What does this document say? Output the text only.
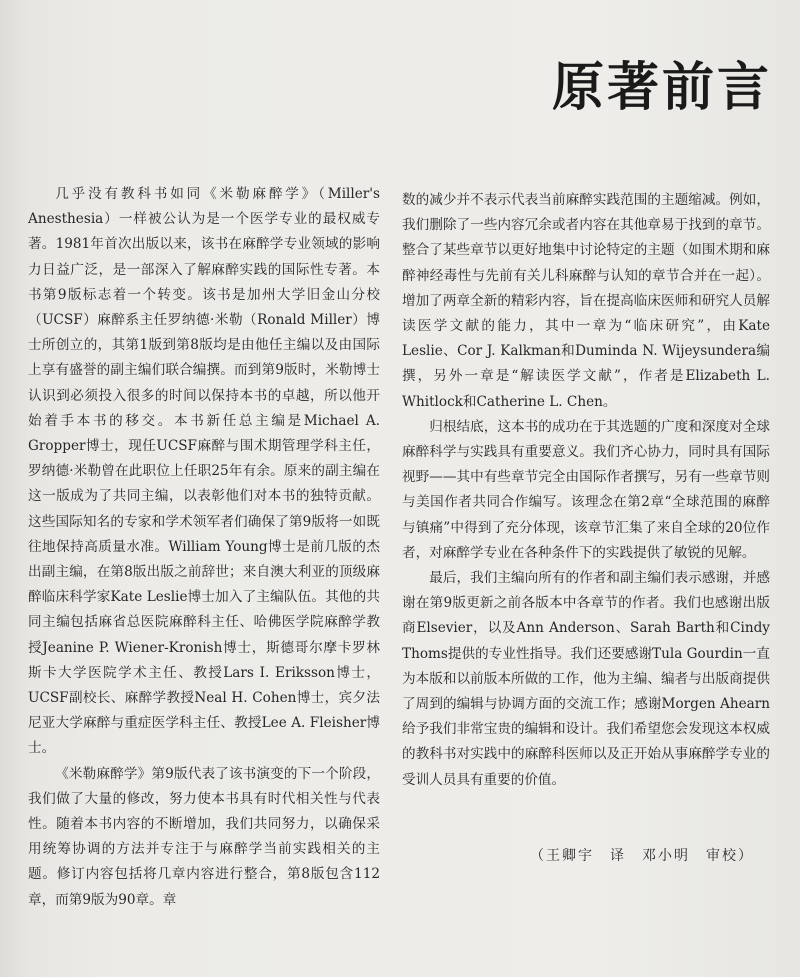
原著前言

几乎没有教科书如同《米勒麻醉学》（Miller's Anesthesia）一样被公认为是一个医学专业的最权威专著。1981年首次出版以来，该书在麻醉学专业领域的影响力日益广泛，是一部深入了解麻醉实践的国际性专著。本书第9版标志着一个转变。该书是加州大学旧金山分校（UCSF）麻醉系主任罗纳德·米勒（Ronald Miller）博士所创立的，其第1版到第8版均是由他任主编以及由国际上享有盛誉的副主编们联合编撰。而到第9版时，米勒博士认识到必须投入很多的时间以保持本书的卓越，所以他开始着手本书的移交。本书新任总主编是Michael A. Gropper博士，现任UCSF麻醉与围术期管理学科主任，罗纳德·米勒曾在此职位上任职25年有余。原来的副主编在这一版成为了共同主编，以表彰他们对本书的独特贡献。这些国际知名的专家和学术领军者们确保了第9版将一如既往地保持高质量水准。William Young博士是前几版的杰出副主编，在第8版出版之前辞世；来自澳大利亚的顶级麻醉临床科学家Kate Leslie博士加入了主编队伍。其他的共同主编包括麻省总医院麻醉科主任、哈佛医学院麻醉学教授Jeanine P. Wiener-Kronish博士，斯德哥尔摩卡罗林斯卡大学医院学术主任、教授Lars I. Eriksson博士，UCSF副校长、麻醉学教授Neal H. Cohen博士，宾夕法尼亚大学麻醉与重症医学科主任、教授Lee A. Fleisher博士。

《米勒麻醉学》第9版代表了该书演变的下一个阶段，我们做了大量的修改，努力使本书具有时代相关性与代表性。随着本书内容的不断增加，我们共同努力，以确保采用统筹协调的方法并专注于与麻醉学当前实践相关的主题。修订内容包括将几章内容进行整合，第8版包含112章，而第9版为90章。章

数的减少并不表示代表当前麻醉实践范围的主题缩减。例如，我们删除了一些内容冗余或者内容在其他章易于找到的章节。整合了某些章节以更好地集中讨论特定的主题（如围术期和麻醉神经毒性与先前有关儿科麻醉与认知的章节合并在一起）。增加了两章全新的精彩内容，旨在提高临床医师和研究人员解读医学文献的能力，其中一章为“临床研究”，由Kate Leslie、Cor J. Kalkman和Duminda N. Wijeysundera编撰，另外一章是“解读医学文献”，作者是Elizabeth L. Whitlock和Catherine L. Chen。

归根结底，这本书的成功在于其选题的广度和深度对全球麻醉科学与实践具有重要意义。我们齐心协力，同时具有国际视野——其中有些章节完全由国际作者撰写，另有一些章节则与美国作者共同合作编写。该理念在第2章“全球范围的麻醉与镇痛”中得到了充分体现，该章节汇集了来自全球的20位作者，对麻醉学专业在各种条件下的实践提供了敏锐的见解。

最后，我们主编向所有的作者和副主编们表示感谢，并感谢在第9版更新之前各版本中各章节的作者。我们也感谢出版商Elsevier，以及Ann Anderson、Sarah Barth和Cindy Thoms提供的专业性指导。我们还要感谢Tula Gourdin一直为本版和以前版本所做的工作，他为主编、编者与出版商提供了周到的编辑与协调方面的交流工作；感谢Morgen Ahearn给予我们非常宝贵的编辑和设计。我们希望您会发现这本权威的教科书对实践中的麻醉科医师以及正开始从事麻醉学专业的受训人员具有重要的价值。

（王卿宇　译　邓小明　审校）
